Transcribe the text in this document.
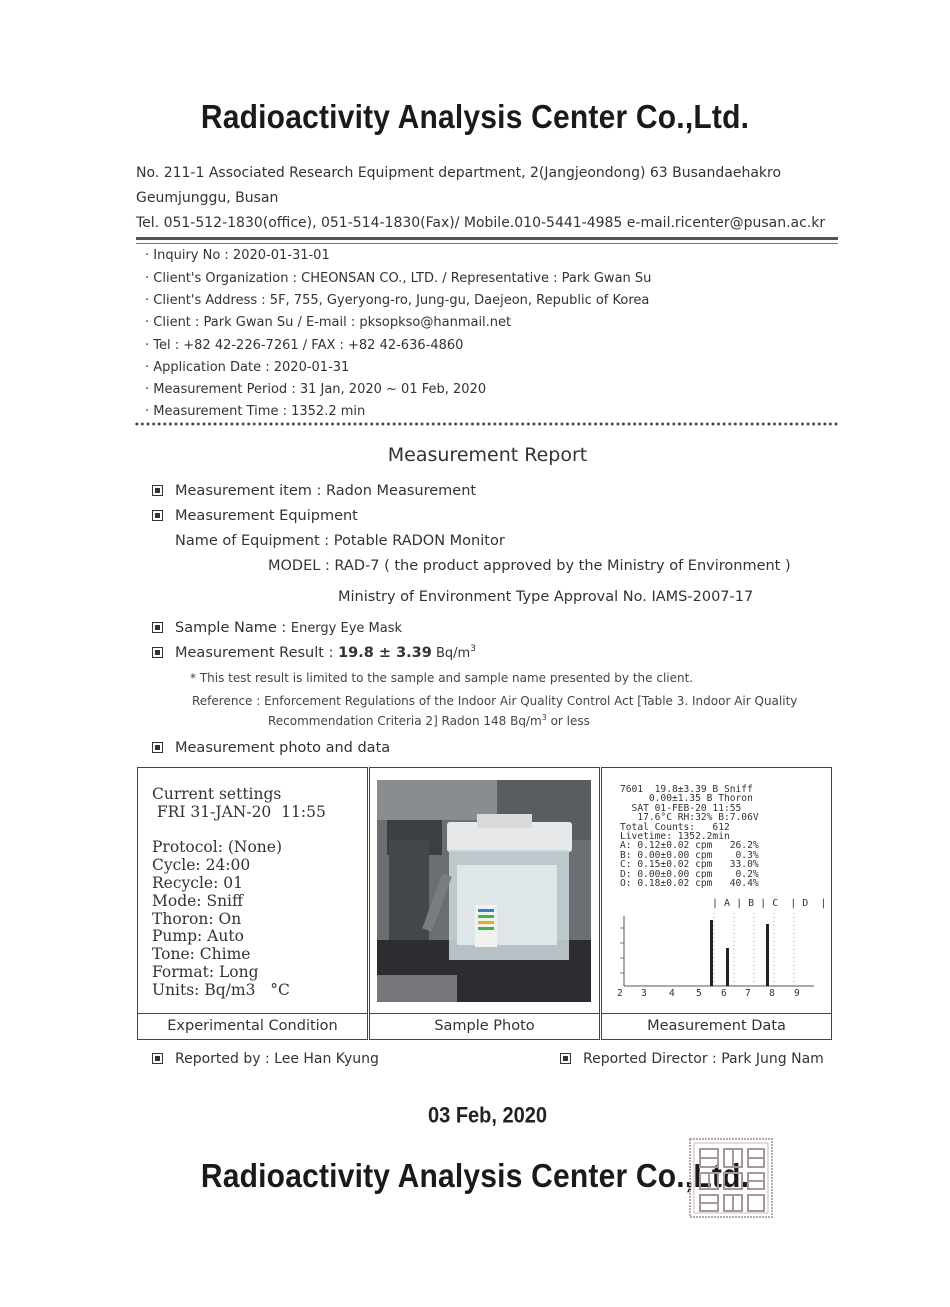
Radioactivity Analysis Center Co.,Ltd.
No. 211-1 Associated Research Equipment department, 2(Jangjeondong) 63 Busandaehakro
Geumjunggu, Busan
Tel. 051-512-1830(office), 051-514-1830(Fax)/ Mobile.010-5441-4985 e-mail.ricenter@pusan.ac.kr
· Inquiry No : 2020-01-31-01
· Client's Organization : CHEONSAN CO., LTD. / Representative : Park Gwan Su
· Client's Address : 5F, 755, Gyeryong-ro, Jung-gu, Daejeon, Republic of Korea
· Client : Park Gwan Su / E-mail : pksopkso@hanmail.net
· Tel : +82 42-226-7261 / FAX : +82 42-636-4860
· Application Date : 2020-01-31
· Measurement Period : 31 Jan, 2020 ~ 01 Feb, 2020
· Measurement Time : 1352.2 min
Measurement Report
Measurement item : Radon Measurement
Measurement Equipment
Name of Equipment : Potable RADON Monitor
MODEL : RAD-7 ( the product approved by the Ministry of Environment )
Ministry of Environment Type Approval No. IAMS-2007-17
Sample Name : Energy Eye Mask
Measurement Result : 19.8 ± 3.39 $Bq/m^3$
* This test result is limited to the sample and sample name presented by the client.
Reference : Enforcement Regulations of the Indoor Air Quality Control Act [Table 3. Indoor Air Quality
Recommendation Criteria 2] Radon 148 $Bq/m^3$ or less
Measurement photo and data
Current settings
FRI 31-JAN-20  11:55

Protocol: (None)
Cycle: 24:00
Recycle: 01
Mode: Sniff
Thoron: On
Pump: Auto
Tone: Chime
Format: Long
Units: Bq/m3   °C
7601  19.8±3.39 B Sniff
0.00±1.35 B Thoron
SAT 01-FEB-20 11:55
17.6°C RH:32% B:7.06V
Total Counts:   612
Livetime: 1352.2min
A: 0.12±0.02 cpm   26.2%
B: 0.00±0.00 cpm    0.3%
C: 0.15±0.02 cpm   33.0%
D: 0.00±0.00 cpm    0.2%
O: 0.18±0.02 cpm   40.4%
| A | B | C  | D  |
2 3 4 5 6 7 8 9
Experimental Condition	Sample Photo	Measurement Data
Reported by : Lee Han Kyung	Reported Director : Park Jung Nam
03 Feb, 2020
Radioactivity Analysis Center Co.,Ltd.
